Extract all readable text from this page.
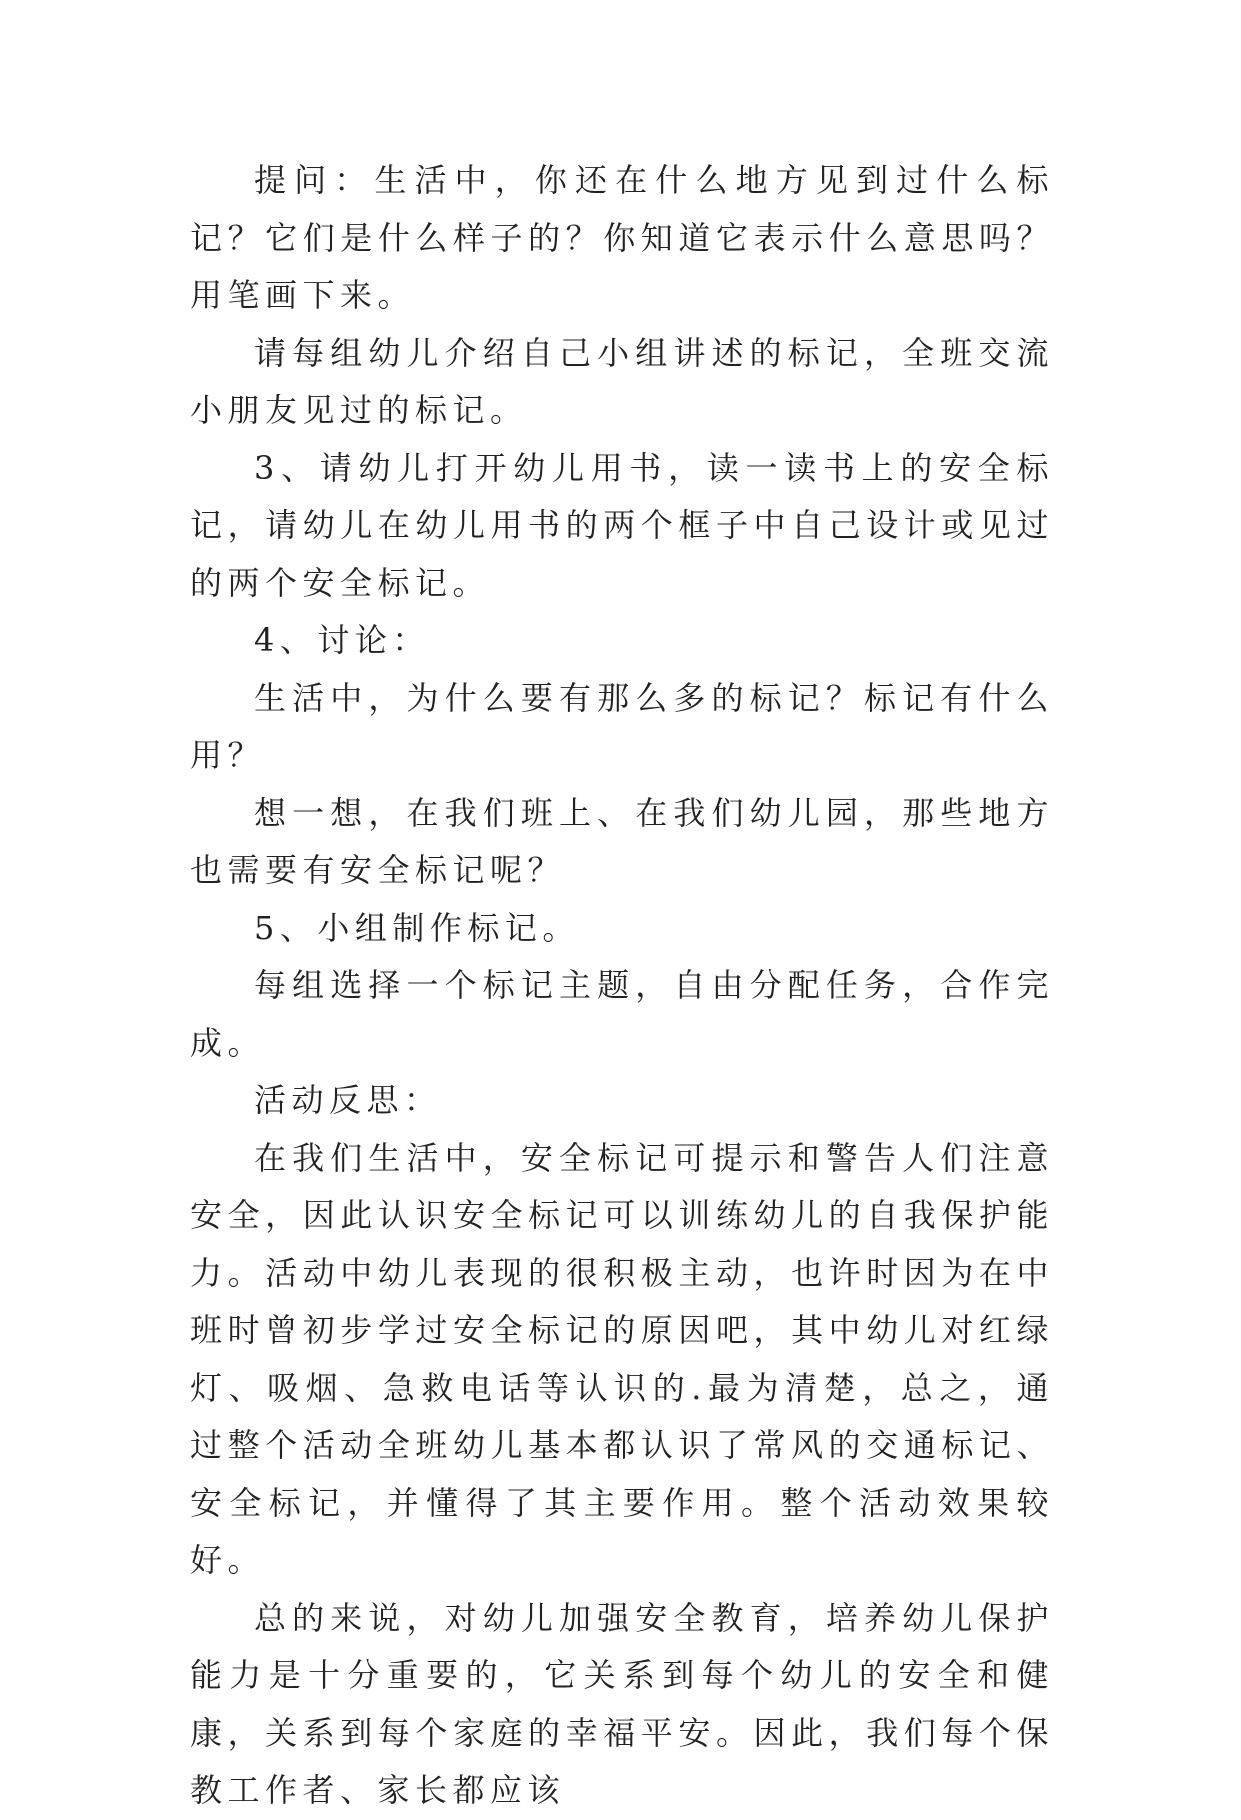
提问：生活中，你还在什么地方见到过什么标记？它们是什么样子的？你知道它表示什么意思吗？用笔画下来。

请每组幼儿介绍自己小组讲述的标记，全班交流小朋友见过的标记。

3、请幼儿打开幼儿用书，读一读书上的安全标记，请幼儿在幼儿用书的两个框子中自己设计或见过的两个安全标记。

4、讨论：

生活中，为什么要有那么多的标记？标记有什么用？

想一想，在我们班上、在我们幼儿园，那些地方也需要有安全标记呢？

5、小组制作标记。

每组选择一个标记主题，自由分配任务，合作完成。

活动反思：

在我们生活中，安全标记可提示和警告人们注意安全，因此认识安全标记可以训练幼儿的自我保护能力。活动中幼儿表现的很积极主动，也许时因为在中班时曾初步学过安全标记的原因吧，其中幼儿对红绿灯、吸烟、急救电话等认识的.最为清楚，总之，通过整个活动全班幼儿基本都认识了常风的交通标记、安全标记，并懂得了其主要作用。整个活动效果较好。

总的来说，对幼儿加强安全教育，培养幼儿保护能力是十分重要的，它关系到每个幼儿的安全和健康，关系到每个家庭的幸福平安。因此，我们每个保教工作者、家长都应该
